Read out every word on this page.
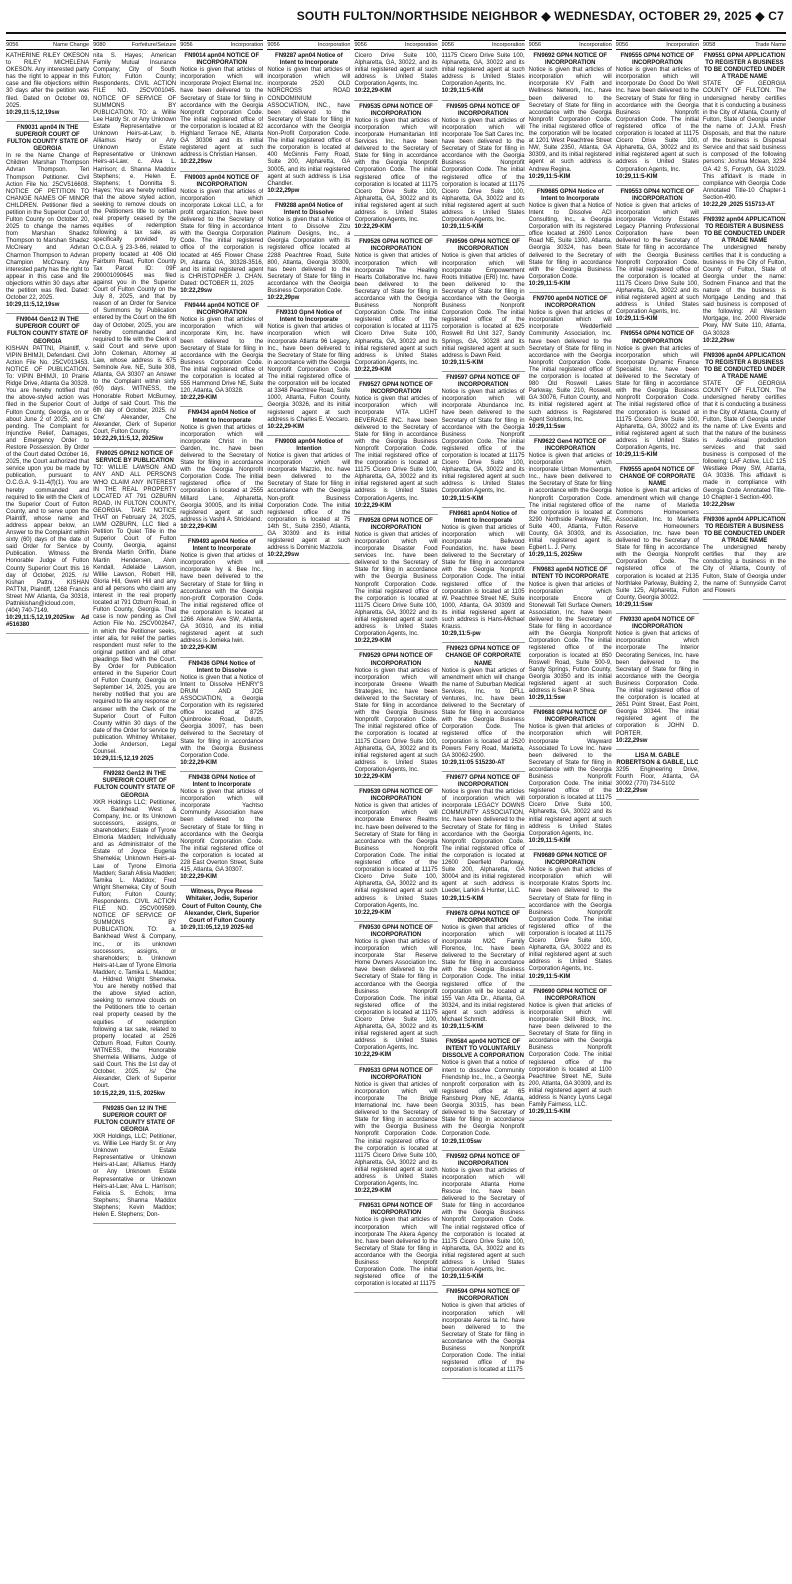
SOUTH FULTON/NORTHSIDE NEIGHBOR ◆ WEDNESDAY, OCTOBER 29, 2025 ◆ C7
9056	Name Change
KATHERINE RILEY OKESON to RILEY MICHELENA OKESON. Any interested party has the right to appear in this case and file objections within 30 days after the petition was filed. Dated on October 09, 2025.
10:29,11:5,12,19sw
FN9031 apn04 IN THE SUPERIOR COURT OF FULTON COUNTY STATE OF GEORGIA
In re the Name Change of Children Marshan Thompson Advran Thompson. Teri Thompson Petitioner. Civil Action File No. 25CV516608. NOTICE OF PETITION TO CHANGE NAMES OF MINOR CHILDREN. Petitioner filed a petition in the Superior Court of Fulton County on October 20, 2025 to change the names from Marshan Shadez Thompson to Marshan Shadez McCreary and Advran Charmon Thompson to Advran Champion McCreary. Any interested party has the right to appear in this case and file objections within 30 days after the petition was filed. Dated: October 22, 2025.
10:29,11:5,12,19sw
FN9044 Gen12 IN THE SUPERIOR COURT OF FULTON COUNTY STATE OF GEORGIA
KISHAN PATTNI, Plaintiff, v. VIPIN BHIMJI, Defendant. Civil Action File No. 25CV013453. NOTICE OF PUBLICATION. To: VIPIN BHIMJI, 10 Prairie Ridge Drive, Atlanta Ga 30328. You are hereby notified that the above-styled action was filed in the Superior Court of Fulton County, Georgia, on or about June 2 of 2025, and is pending. The Complaint for Injunctive Relief, Damages, and Emergency Order to Restore Possession. By Order of the Court dated October 16, 2025, the Court authorized that service upon you be made by publication, pursuant to O.C.G.A. 9-11-4(f)(1). You are hereby commanded and required to file with the Clerk of the Superior Court of Fulton County, and to serve upon the Plaintiff, whose name and address appear below, an Answer to the Complaint within sixty (60) days of the date of said Order for Service by Publication. Witness the Honorable Judge of Fulton County Superior Court this 16 day of October, 2025. /s/ Kishan Pattni, KISHAN PATTNI, Plaintiff, 1268 Francis Street NW Atlanta, Ga 30318, Pattnikishan@icloud.com, (404) 740-7149.
10:29,11:5,12,19,2025kw Ad #516380
9080	Forfeiture/Seizure
nita S. Hayes; American Family Mutual Insurance Company; City of South Fulton; Fulton County; Respondents. CIVIL ACTION FILE NO. 25CV001045. NOTICE OF SERVICE OF SUMMONS BY PUBLICATION. TO: a. Willie Lee Hardy Sr. or Any Unknown Estate Representative or Unknown Heirs-at-Law; b. Alliamus Hardy or Any Unknown Estate Representative or Unknown Heirs-at-Law; c. Alva L. Harrison; d. Shanna Maddox Stephens; e. Helen E. Stephens; f. Donnitta S. Hayes; You are hereby notified that the above styled action, seeking to remove clouds on the Petitioners title to certain real property ceased by the equities of redemption following a tax sale, as specifically provided by O.C.G.A. § 23-3-66, related to property located at 406 Old Fairburn Road, Fulton County Tax Parcel ID: 09F 290001090645 was filed against you in the Superior Court of Fulton County on the July 8, 2025, and that by reason of an Order for Service of Summons by Publication entered by the Court on the 6th day of October, 2025, you are hereby commanded and required to file with the Clerk of said Court and serve upon John Coleman, Attorney at Law, whose address is 675 Seminole Ave. NE, Suite 308, Atlanta, GA 30307 an Answer to the Complaint within sixty (60) days. WITNESS, the Honorable Robert McBurney, Judge of said Court. This the 6th day of October, 2025. /s/ Che' Alexander, Che Alexander, Clerk of Superior Court, Fulton County.
10:22,29,11:5,12, 2025kw
FN9025 GPN12 NOTICE OF SERVICE BY PUBLICATION
TO: WILLIE LAWSON AND ANY AND ALL PERSONS WHO CLAIM ANY INTEREST IN THE REAL PROPERTY LOCATED AT 791 OZBURN ROAD, IN FULTON COUNTY, GEORGIA. TAKE NOTICE THAT on February 24, 2025, LWM OZBURN, LLC filed a Petition To Quiet Title in the Superior Court of Fulton County, Georgia, against Brenda Martin Griffin, Diane Martin Hendersen, Alvin Kendall, Adelaide Lawson, Willie Lawson, Robert Hill, Gloria Hill, Gwen Hill and any and all persons who claim any interest in the real property located at 791 Ozburn Road, in Fulton County, Georgia. That case is now pending as Civil Action File No. 25CV002647, in which the Petitioner seeks, inter alia, for relief the parties respondent must refer to the original petition and all other pleadings filed with the Court. By Order for Publication entered in the Superior Court of Fulton County, Georgia on September 14, 2025, you are hereby notified that you are required to file any response or answer with the Clerk of the Superior Court of Fulton County within 30 days of the date of the Order for service by publication. Whitney Whitaker, Jodie Anderson, Legal Counsel.
10:29,11:5,12,19 2025
FN9282 Gen12 IN THE SUPERIOR COURT OF FULTON COUNTY STATE OF GEORGIA
XKR Holdings LLC; Petitioner, vs. Bankhead West & Company, Inc. or Its Unknown successors, assigns, or shareholders; Estate of Tyrone Elmoria Madden; Individually and as Administrator of the Estate of Joyce Eugenia Shemekia; Unknown Heirs-at-Law of Tyrone Elmoria Madden; Sarah Allisia Madden; Tamika L. Maddox; Fred Wright Shemeka; City of South Fulton; Fulton County; Respondents. CIVIL ACTION FILE NO. 25CV009589. NOTICE OF SERVICE OF SUMMONS BY PUBLICATION. TO: a. Bankhead West & Company, Inc., or its unknown successors, assigns, or shareholders; b. Unknown Heirs-at-Law of Tyrone Elmoria Madden; c. Tamika L. Maddox; d. Hildred Wright Shemeka. You are hereby notified that the above styled action, seeking to remove clouds on the Petitioners title to certain real property ceased by the equities of redemption following a tax sale, related to property located at 2526 Ozburn Road, Fulton County. WITNESS, the Honorable Shermela Williams, Judge of said Court. This the 1st day of October, 2025. /s/ Che Alexander, Clerk of Superior Court.
10:15,22,29, 11:5, 2025kw
FN9285 Gen 12 IN THE SUPERIOR COURT OF FULTON COUNTY STATE OF GEORGIA
XKR Holdings, LLC; Petitioner, vs. Willie Lee Hardy Sr. or Any Unknown Estate Representative or Unknown Heirs-at-Law; Alliamus Hardy or Any Unknown Estate Representative or Unknown Heirs-at-Law; Alva L. Harrison; Felicia S. Echols; Irma Stephens; Shanna Maddox Stephens; Kevin Maddox; Helen E. Stephens; Don-
9056	Incorporation
FN9014 apn04 NOTICE OF INCORPORATION
Notice is given that articles of incorporation which will incorporate Project Eternal Inc. have been delivered to the Secretary of State for filing in accordance with the Georgia Nonprofit Corporation Code. The initial registered office of the corporation is located at 82 Highland Terrace NE, Atlanta GA 30306 and its initial registered agent at such address is Christian Hansen.
10:22,29sw
FN9003 apn04 NOTICE OF INCORPORATION
Notice is given that articles of incorporation which incorporate Lokcal LLC, a for profit organization, have been delivered to the Secretary of State for filing in accordance with the Georgia Corporation Code. The initial registered office of the corporation is located at 465 Flower Chase Pl, Atlanta GA, 30328-3516, and its initial registered agent is CHRISTOPHER J. CHAN. Dated: OCTOBER 11, 2025
10:22,29sw
FN9444 apn04 NOTICE OF INCORPORATION
Notice is given that articles of incorporation which will incorporate Kim, Inc. have been delivered to the Secretary of State for filing in accordance with the Georgia Business Corporation Code. The initial registered office of the corporation is located at 555 Hammond Drive NE, Suite 120, Atlanta, GA 30328.
10:22,29-KIM
FN9434 apn04 Notice of Intent to Incorporate
Notice is given that articles of incorporation which will incorporate Christ in the Garden, Inc. have been delivered to the Secretary of State for filing in accordance with the Georgia Nonprofit Corporation Code. The initial registered office of the corporation is located at 2555 Millard Lane, Alpharetta, Georgia 30005, and its initial registered agent at such address is Vashti A. Strickland.
10:22,29-KIM
FN9493 apn04 Notice of Intent to Incorporate
Notice is given that articles of incorporation which will incorporate Ivy & Bee Inc., have been delivered to the Secretary of State for filing in accordance with the Georgia non-profit Corporation Code. The initial registered office of the corporation is located at 1266 Allene Ave SW, Atlanta, GA 30310, and its initial registered agent at such address is Jomeka Iwin.
10:22,29-KIM
FN9436 GPN4 Notice of Intent to Dissolve
Notice is given that a Notice of Intent to Dissolve HENRY'S DRUM AND JOE ASSOCIATION, a Georgia Corporation with its registered office located at 8725 Quinbrooke Road, Duluth, Georgia 30097, has been delivered to the Secretary of State for filing in accordance with the Georgia Business Corporation Code.
10:22,29-KIM
FN9438 GPN4 Notice of Intent to Incorporate
Notice is given that articles of incorporation which will incorporate Yachtso Community Association have been delivered to the Secretary of State for filing in accordance with the Georgia Nonprofit Corporation Code. The initial registered office of the corporation is located at 228 East Overton Street, Suite 415, Atlanta, GA 30307.
10:22,29-KIM
Witness, Pryce Reese Whitaker, Jodie, Superior Court of Fulton County, Che Alexander, Clerk, Superior Court of Fulton County
10:29,11:05,12,19 2025-kd
9056	Incorporation
FN9287 apn04 Notice of Intent to Incorporate
Notice is given that articles of incorporation which will incorporate 2520 OLD NORCROSS ROAD CONDOMINIUM ASSOCIATION, INC., have been delivered to the Secretary of State for filing in accordance with the Georgia Non-Profit Corporation Code. The initial registered office of the corporation is located at 400 McGinnis Ferry Road, Suite 200, Alpharetta, GA 30005, and its initial registered agent at such address is Lisa Chandler.
10:22,29pw
FN9288 apn04 Notice of Intent to Dissolve
Notice is given that a Notice of Intent to Dissolve Zizu Platinum Designs, Inc., a Georgia Corporation with its registered office located at 2288 Peachtree Road, Suite 800, Atlanta, Georgia 30309, has been delivered to the Secretary of State for filing in accordance with the Georgia Business Corporation Code.
10:22,29pw
FN9310 Gpn4 Notice of Intent to Incorporate
Notice is given that articles of incorporation which will incorporate Atlanta 96 Legacy, Inc., have been delivered to the Secretary of State for filing in accordance with the Georgia Nonprofit Corporation Code. The initial registered office of the corporation will be located at 3348 Peachtree Road, Suite 1000, Atlanta, Fulton County, Georgia 30326, and its initial registered agent at such address is Charles E. Veccaro.
10:22,29-KIM
FN9008 apn04 Notice of Intention
Notice is given that articles of incorporation which will incorporate Mazzio, Inc. have been delivered to the Secretary of State for filing in accordance with the Georgia Non-profit Business Corporation Code. The initial registered office of the corporation is located at 75 14th St., Suite 2350, Atlanta, GA 30309 and its initial registered agent at such address is Dominic Mazzola.
10:22,29sw
9056	Incorporation
Cicero Drive Suite 100, Alpharetta, GA, 30022, and its initial registered agent at such address is United States Corporation Agents, Inc.
10:22,29-KIM
FN9535 GPN4 NOTICE OF INCORPORATION
Notice is given that articles of incorporation which will incorporate Humanitarian Intl Services Inc. have been delivered to the Secretary of State for filing in accordance with the Georgia Nonprofit Corporation Code. The initial registered office of the corporation is located at 11175 Cicero Drive Suite 100, Alpharetta, GA, 30022 and its initial registered agent at such address is United States Corporation Agents, Inc.
10:22,29-KIM
FN9526 GPN4 NOTICE OF INCORPORATION
Notice is given that articles of incorporation which will incorporate The Healing Hearts Collaborative Inc. have been delivered to the Secretary of State for filing in accordance with the Georgia Business Nonprofit Corporation Code. The initial registered office of the corporation is located at 11175 Cicero Drive Suite 100, Alpharetta, GA, 30022 and its initial registered agent at such address is United States Corporation Agents, Inc.
10:22,29-KIM
FN9527 GPN4 NOTICE OF INCORPORATION
Notice is given that articles of incorporation which will incorporate VITA LIGHT BEVERAGE INC. have been delivered to the Secretary of State for filing in accordance with the Georgia Business Nonprofit Corporation Code. The initial registered office of the corporation is located at 11175 Cicero Drive Suite 100, Alpharetta, GA, 30022 and its initial registered agent at such address is United States Corporation Agents, Inc.
10:22,29-KIM
FN9528 GPN4 NOTICE OF INCORPORATION
Notice is given that articles of incorporation which will incorporate Disaster Food services Inc. have been delivered to the Secretary of State for filing in accordance with the Georgia Business Nonprofit Corporation Code. The initial registered office of the corporation is located at 11175 Cicero Drive Suite 100, Alpharetta, GA, 30022 and its initial registered agent at such address is United States Corporation Agents, Inc.
10:22,29-KIM
FN9529 GPN4 NOTICE OF INCORPORATION
Notice is given that articles of incorporation which will incorporate Greene Wealth Strategies, Inc. have been delivered to the Secretary of State for filing in accordance with the Georgia Business Nonprofit Corporation Code. The initial registered office of the corporation is located at 11175 Cicero Drive Suite 100, Alpharetta, GA, 30022 and its initial registered agent at such address is United States Corporation Agents, Inc.
10:22,29-KIM
FN9539 GPN4 NOTICE OF INCORPORATION
Notice is given that articles of incorporation which will incorporate Emerex Realms Inc. have been delivered to the Secretary of State for filing in accordance with the Georgia Business Nonprofit Corporation Code. The initial registered office of the corporation is located at 11175 Cicero Drive Suite 100, Alpharetta, GA, 30022 and its initial registered agent at such address is United States Corporation Agents, Inc.
10:22,29-KIM
FN9530 GPN4 NOTICE OF INCORPORATION
Notice is given that articles of incorporation which will incorporate Star Reserve Home Owners Association Inc. have been delivered to the Secretary of State for filing in accordance with the Georgia Business Nonprofit Corporation Code. The initial registered office of the corporation is located at 11175 Cicero Drive Suite 100, Alpharetta, GA, 30022 and its initial registered agent at such address is United States Corporation Agents, Inc.
10:22,29-KIM
FN9533 GPN4 NOTICE OF INCORPORATION
Notice is given that articles of incorporation which will incorporate The Bridge International Inc. have been delivered to the Secretary of State for filing in accordance with the Georgia Business Nonprofit Corporation Code. The initial registered office of the corporation is located at 11175 Cicero Drive Suite 100, Alpharetta, GA, 30022 and its initial registered agent at such address is United States Corporation Agents, Inc.
10:22,29-KIM
FN9531 GPN4 NOTICE OF INCORPORATION
Notice is given that articles of incorporation which will incorporate The Akera Agency Inc. have been delivered to the Secretary of State for filing in accordance with the Georgia Business Nonprofit Corporation Code. The initial registered office of the corporation is located at 11175
9056	Incorporation
11175 Cicero Drive Suite 100, Alpharetta, GA, 30022 and its initial registered agent at such address is United States Corporation Agents, Inc.
10:29,11:5-KIM
FN9595 GPN4 NOTICE OF INCORPORATION
Notice is given that articles of incorporation which will incorporate Toe Salt Cares Inc. have been delivered to the Secretary of State for filing in accordance with the Georgia Business Nonprofit Corporation Code. The initial registered office of the corporation is located at 11175 Cicero Drive Suite 100, Alpharetta, GA, 30022 and its initial registered agent at such address is United States Corporation Agents, Inc.
10:29,11:5-KIM
FN9596 GPN4 NOTICE OF INCORPORATION
Notice is given that articles of incorporation which will incorporate Empowerment Roots Initiative (ERI) Inc. have been delivered to the Secretary of State for filing in accordance with the Georgia Business Nonprofit Corporation Code. The initial registered office of the corporation is located at 625 Roswell Rd Unit 327, Sandy Springs, GA, 30328 and its initial registered agent at such address is Dawn Reid.
10:29,11:5-KIM
FN9597 GPN4 NOTICE OF INCORPORATION
Notice is given that articles of incorporation which will incorporate Abundance Inc. have been delivered to the Secretary of State for filing in accordance with the Georgia Business Nonprofit Corporation Code. The initial registered office of the corporation is located at 11175 Cicero Drive Suite 100, Alpharetta, GA, 30022 and its initial registered agent at such address is United States Corporation Agents, Inc.
10:29,11:5-KIM
FN9681 apn04 Notice of Intent to Incorporate
Notice is given that articles of incorporation which will incorporate Bellwood Foundation, Inc. have been delivered to the Secretary of State for filing in accordance with the Georgia Nonprofit Corporation Code. The initial registered office of the corporation is located at 1105 W. Peachtree Street NE, Suite 1000, Atlanta, GA 30309 and its initial registered agent at such address is Hans-Michael Krauss.
10:29,11:5-pw
FN9623 GPN4 NOTICE OF CHANGE OF CORPORATE NAME
Notice is given that articles of amendment which will change the name of Suburban Medical Services, Inc. to DFLL Ventures, Inc. have been delivered to the Secretary of State for filing in accordance with the Georgia Business Corporation Code. The registered office of the corporation is located at 2520 Powers Ferry Road, Marietta, GA 30062-2900.
10:29,11:05 515230-AT
FN9677 GPN4 NOTICE OF INCORPORATION
Notice is given that the articles of incorporation which will incorporate LEGACY DOWNS COMMUNITY ASSOCIATION, Inc. have been delivered to the Secretary of State for filing in accordance with the Georgia Nonprofit Corporation Code. The initial registered office of the corporation is located at 12600 Deerfield Parkway, Suite 200, Alpharetta, GA 30004 and its initial registered agent at such address is Lueder, Larkin & Hunter, LLC.
10:29,11:5-KIM
FN9678 GPN4 NOTICE OF INCORPORATION
Notice is given that articles of incorporation which will incorporate M2C Family Florence, Inc. have been delivered to the Secretary of State for filing in accordance with the Georgia Business Corporation Code. The initial registered office of the corporation will be located at 155 Van Atta Dr., Atlanta, GA 30324, and its initial registered agent at such address is Michael Schmidt.
10:29,11:5-KIM
FN9584 apn04 NOTICE OF INTENT TO VOLUNTARILY DISSOLVE A CORPORATION
Notice is given that a notice of intent to dissolve Community Friendship Inc., Inc., a Georgia nonprofit corporation with its registered office at 65 Ransburg Pkwy NE, Atlanta, Georgia 30315, has been delivered to the Secretary of State for filing in accordance with the Georgia Nonprofit Corporation Code.
10:29,11:05sw
FN9592 GPN4 NOTICE OF INCORPORATION
Notice is given that articles of incorporation which will incorporate Atlanta Home Rescue Inc. have been delivered to the Secretary of State for filing in accordance with the Georgia Business Nonprofit Corporation Code. The initial registered office of the corporation is located at 11175 Cicero Drive Suite 100, Alpharetta, GA, 30022 and its initial registered agent at such address is United States Corporation Agents, Inc.
10:29,11:5-KIM
FN9594 GPN4 NOTICE OF INCORPORATION
Notice is given that articles of incorporation which will incorporate Aerosi ta Inc. have been delivered to the Secretary of State for filing in accordance with the Georgia Business Nonprofit Corporation Code. The initial registered office of the corporation is located at 11175
9056	Incorporation
FN9692 GPN4 NOTICE OF INCORPORATION
Notice is given that articles of incorporation which will incorporate KV Faith and Wellness Network, Inc., have been delivered to the Secretary of State for filing in accordance with the Georgia Nonprofit Corporation Code. The initial registered office of the corporation will be located at 1201 West Peachtree Street NW, Suite 2350, Atlanta, GA 30309, and its initial registered agent at such address is Andrew Regina.
10:29,11:5-KIM
FN9685 GPN4 Notice of Intent to Incorporate
Notice is given that a Notice of Intent to Dissolve ACI Consulting, Inc., a Georgia Corporation with its registered office located at 2600 Lenox Road NE, Suite 1300, Atlanta, Georgia 30324, has been delivered to the Secretary of State for filing in accordance with the Georgia Business Corporation Code.
10:29,11:5-KIM
FN9700 apn04 NOTICE OF INCORPORATION
Notice is given that articles of incorporation which will incorporate Wedderfield Community Association, Inc. have been delivered to the Secretary of State for filing in accordance with the Georgia Nonprofit Corporation Code. The initial registered office of the corporation is located at 980 Old Roswell Lakes Parkway, Suite 210, Roswell, GA 30076, Fulton County, and its initial registered agent at such address is Registered Agent Solutions, Inc.
10:29,11:5sw
FN9622 Gen4 NOTICE OF INCORPORATION
Notice is given that articles of incorporation which incorporate Urban Momentum, Inc., have been delivered to the Secretary of State for filing in accordance with the Georgia Nonprofit Corporation Code. The initial registered office of the corporation is located at 3290 Northside Parkway NE, Suite 400, Atlanta, Fulton County, GA 30303, and its initial registered agent is Egbert L. J. Perry.
10:29,11:5, 2025kw
FN9683 apn04 NOTICE OF INTENT TO INCORPORATE
Notice is given that articles of incorporation which incorporate Encore of Stonewall Tell Surface Owners Association, Inc. have been delivered to the Secretary of State for filing in accordance with the Georgia Nonprofit Corporation Code. The initial registered office of the corporation is located at 850 Roswell Road, Suite 500-9, Sandy Springs, Fulton County, Georgia 30350 and its initial registered agent at such address is Sean P. Shea.
10:29,11:5sw
FN9688 GPN4 NOTICE OF INCORPORATION
Notice is given that articles of incorporation which will incorporate Wayward Associated To Love Inc. have been delivered to the Secretary of State for filing in accordance with the Georgia Business Nonprofit Corporation Code. The initial registered office of the corporation is located at 11175 Cicero Drive Suite 100, Alpharetta, GA, 30022 and its initial registered agent at such address is United States Corporation Agents, Inc.
10:29,11:5-KIM
FN9689 GPN4 NOTICE OF INCORPORATION
Notice is given that articles of incorporation which will incorporate Kratos Sports Inc. have been delivered to the Secretary of State for filing in accordance with the Georgia Business Nonprofit Corporation Code. The initial registered office of the corporation is located at 11175 Cicero Drive Suite 100, Alpharetta, GA, 30022 and its initial registered agent at such address is United States Corporation Agents, Inc.
10:29,11:5-KIM
FN9690 GPN4 NOTICE OF INCORPORATION
Notice is given that articles of incorporation which will incorporate Skill Block, Inc. have been delivered to the Secretary of State for filing in accordance with the Georgia Business Nonprofit Corporation Code. The initial registered office of the corporation is located at 1100 Peachtree Street NE, Suite 200, Atlanta, GA 30309, and its initial registered agent at such address is Nancy Lyons Legal Family Fairness, LLC.
10:29,11:5-KIM
9056	Incorporation
FN9555 GPN4 NOTICE OF INCORPORATION
Notice is given that articles of incorporation which will incorporate Do Good Do Well Inc. have been delivered to the Secretary of State for filing in accordance with the Georgia Business Nonprofit Corporation Code. The initial registered office of the corporation is located at 11175 Cicero Drive Suite 100, Alpharetta, GA, 30022 and its initial registered agent at such address is United States Corporation Agents, Inc.
10:29,11:5-KIM
FN9553 GPN4 NOTICE OF INCORPORATION
Notice is given that articles of incorporation which will incorporate Victory Estates Legacy Planning Professional Corporation have been delivered to the Secretary of State for filing in accordance with the Georgia Business Nonprofit Corporation Code. The initial registered office of the corporation is located at 11175 Cicero Drive Suite 100, Alpharetta, GA, 30022 and its initial registered agent at such address is United States Corporation Agents, Inc.
10:29,11:5-KIM
FN9554 GPN4 NOTICE OF INCORPORATION
Notice is given that articles of incorporation which will incorporate Dynamic Finance Specialist Inc. have been delivered to the Secretary of State for filing in accordance with the Georgia Business Nonprofit Corporation Code. The initial registered office of the corporation is located at 11175 Cicero Drive Suite 100, Alpharetta, GA, 30022 and its initial registered agent at such address is United States Corporation Agents, Inc.
10:29,11:5-KIM
FN9555 apn04 NOTICE OF CHANGE OF CORPORATE NAME
Notice is given that articles of amendment which will change the name of Marietta Commons Homeowners Association, Inc. to Marietta Reserve Homeowners Association, Inc. have been delivered to the Secretary of State for filing in accordance with the Georgia Nonprofit Corporation Code. The registered office of the corporation is located at 2135 Northlake Parkway, Building 2, Suite 125, Alpharetta, Fulton County, Georgia 30022.
10:29,11:5sw
FN9330 apn04 NOTICE OF INCORPORATION
Notice is given that articles of incorporation which incorporate The Interior Decorating Services, Inc. have been delivered to the Secretary of State for filing in accordance with the Georgia Business Corporation Code. The initial registered office of the corporation is located at 2651 Point Street, East Point, Georgia 30344. The initial registered agent of the corporation is JOHN D. PORTER.
10:22,29sw
LISA M. GABLE ROBERTSON & GABLE, LLC
3295 Engineering Drive, Fourth Floor, Atlanta, GA 30092 (770) 734-5102
10:22,29sw
9058	Trade Name
FN9551 GPN4 APPLICATION TO REGISTER A BUSINESS TO BE CONDUCTED UNDER A TRADE NAME
STATE OF GEORGIA COUNTY OF FULTON. The undersigned hereby certifies that it is conducting a business in the City of Atlanta, County of Fulton, State of Georgia under the name of: J.A.M. Fresh Disposals, and that the nature of the business is Disposal Service and that said business is composed of the following persons: Joshua Mclean, 3234 GA 42 S, Forsyth, GA 31029. This affidavit is made in compliance with Georgia Code Annotated Title-10 Chapter-1 Section-490.
10:22,29 ,2025 515713-AT
FN9392 apn04 APPLICATION TO REGISTER A BUSINESS TO BE CONDUCTED UNDER A TRADE NAME
The undersigned hereby certifies that it is conducting a business in the City of Fulton, County of Fulton, State of Georgia under the name: Sodnem Finance and that the nature of the business is Mortgage Lending and that said business is composed of the following: All Western Mortgage, Inc. 2000 Riverside Pkwy, NW Suite 110, Atlanta, GA 30328
10:22,29sw
FN9306 apn04 APPLICATION TO REGISTER A BUSINESS TO BE CONDUCTED UNDER A TRADE NAME
STATE OF GEORGIA COUNTY OF FULTON. The undersigned hereby certifies that it is conducting a business in the City of Atlanta, County of Fulton, State of Georgia under the name of: Live Events and that the nature of the business is Audio-visual production services and that said business is composed of the following: LAF Active, LLC 125 Westlake Pkwy SW, Atlanta, GA 30336. This affidavit is made in compliance with Georgia Code Annotated Title-10 Chapter-1 Section-490.
10:22,29sw
FN9306 apn04 APPLICATION TO REGISTER A BUSINESS TO BE CONDUCTED UNDER A TRADE NAME
The undersigned hereby certifies that they are conducting a business in the City of Atlanta, County of Fulton, State of Georgia under the name of: Sunnyside Carrot and Flowers
